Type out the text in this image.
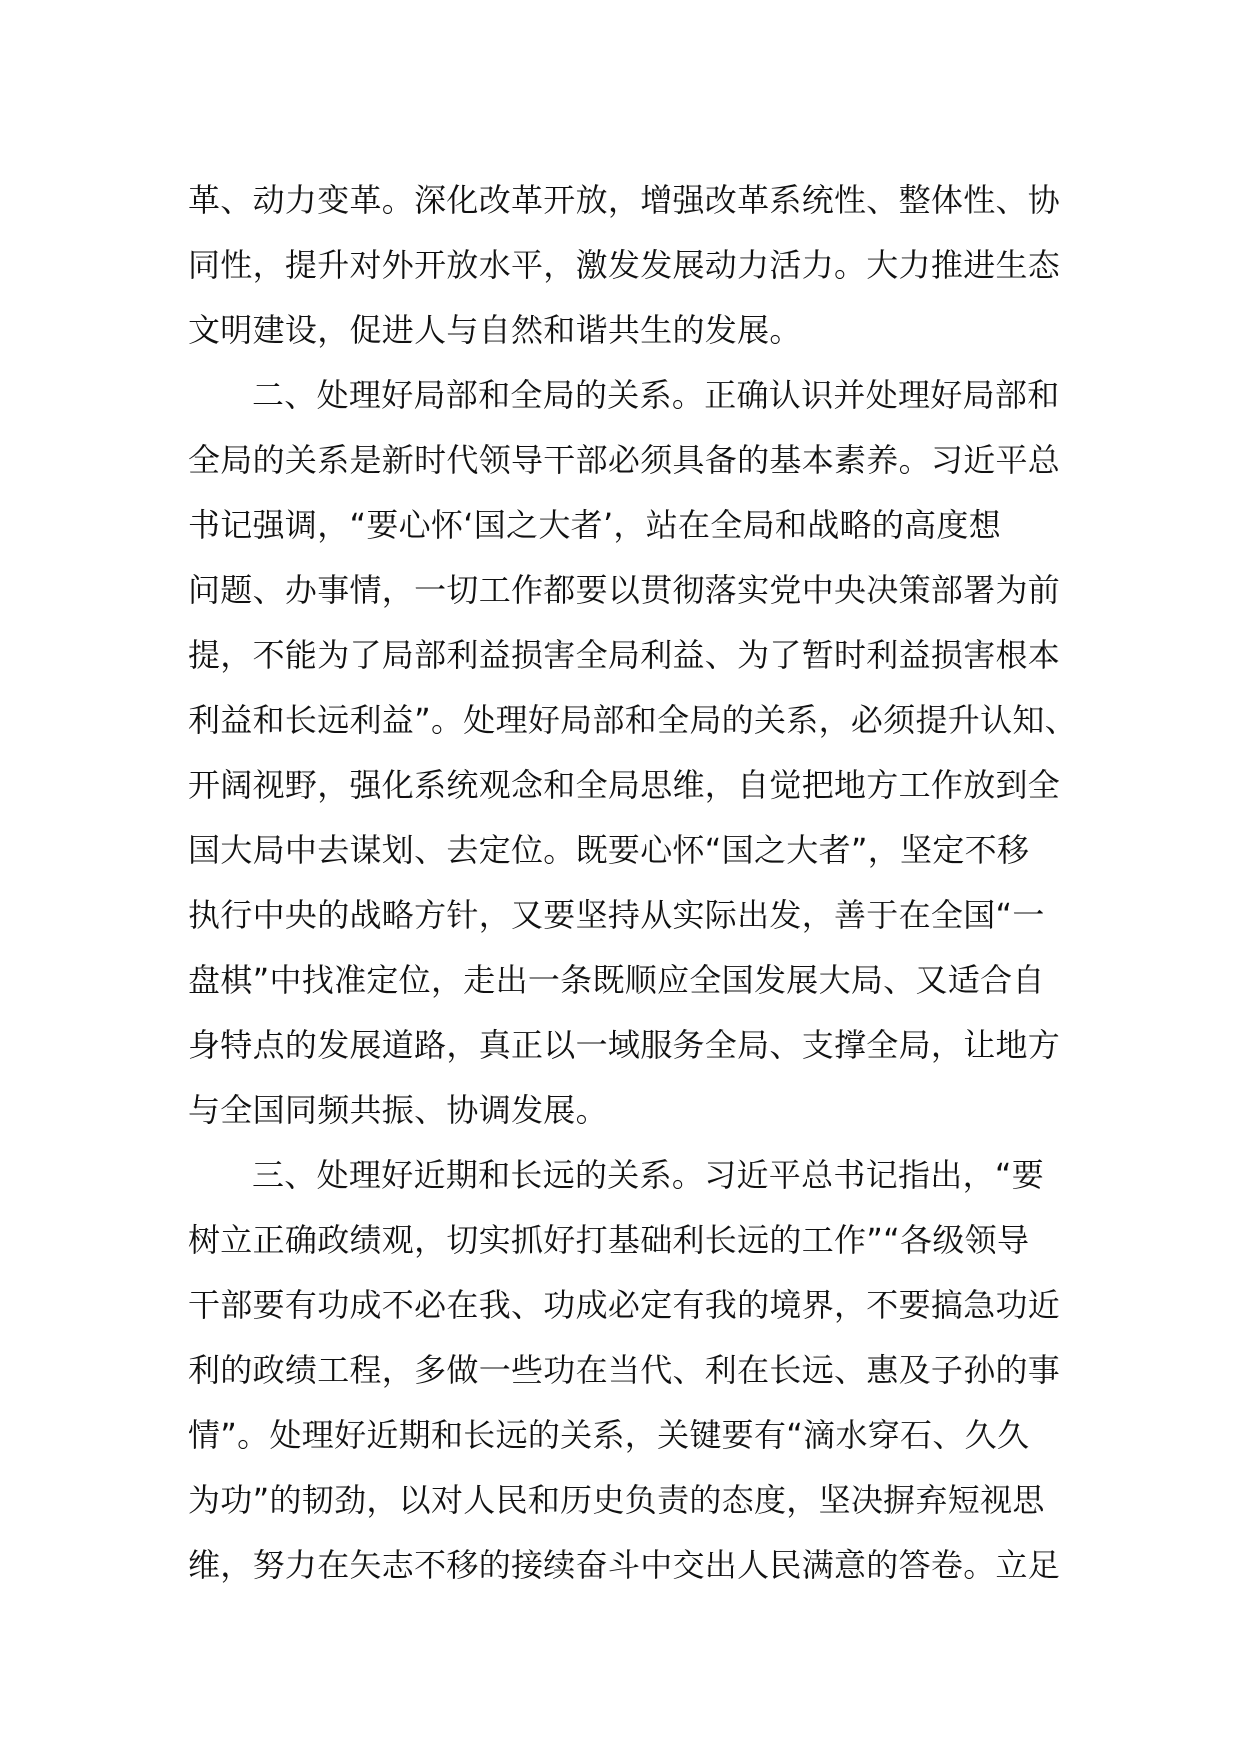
革、动力变革。深化改革开放，增强改革系统性、整体性、协
同性，提升对外开放水平，激发发展动力活力。大力推进生态
文明建设，促进人与自然和谐共生的发展。
二、处理好局部和全局的关系。正确认识并处理好局部和
全局的关系是新时代领导干部必须具备的基本素养。习近平总
书记强调，“要心怀‘国之大者’，站在全局和战略的高度想
问题、办事情，一切工作都要以贯彻落实党中央决策部署为前
提，不能为了局部利益损害全局利益、为了暂时利益损害根本
利益和长远利益”。处理好局部和全局的关系，必须提升认知、
开阔视野，强化系统观念和全局思维，自觉把地方工作放到全
国大局中去谋划、去定位。既要心怀“国之大者”，坚定不移
执行中央的战略方针，又要坚持从实际出发，善于在全国“一
盘棋”中找准定位，走出一条既顺应全国发展大局、又适合自
身特点的发展道路，真正以一域服务全局、支撑全局，让地方
与全国同频共振、协调发展。
三、处理好近期和长远的关系。习近平总书记指出，“要
树立正确政绩观，切实抓好打基础利长远的工作”“各级领导
干部要有功成不必在我、功成必定有我的境界，不要搞急功近
利的政绩工程，多做一些功在当代、利在长远、惠及子孙的事
情”。处理好近期和长远的关系，关键要有“滴水穿石、久久
为功”的韧劲，以对人民和历史负责的态度，坚决摒弃短视思
维，努力在矢志不移的接续奋斗中交出人民满意的答卷。立足
